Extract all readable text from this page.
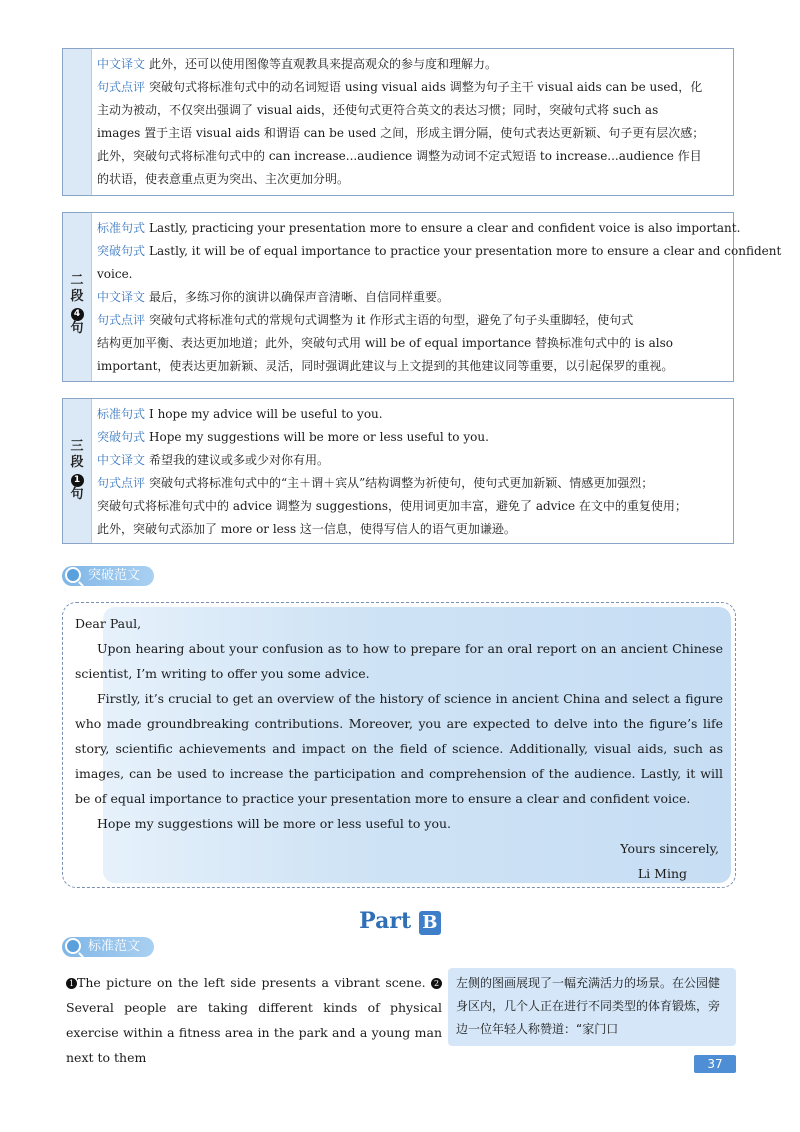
中文译文 此外，还可以使用图像等直观教具来提高观众的参与度和理解力。
句式点评 突破句式将标准句式中的动名词短语 using visual aids 调整为句子主干 visual aids can be used，化
主动为被动，不仅突出强调了 visual aids，还使句式更符合英文的表达习惯；同时，突破句式将 such as
images 置于主语 visual aids 和谓语 can be used 之间，形成主谓分隔，使句式表达更新颖、句子更有层次感；
此外，突破句式将标准句式中的 can increase...audience 调整为动词不定式短语 to increase...audience 作目
的状语，使表意重点更为突出、主次更加分明。
二
段
4
句
标准句式 Lastly, practicing your presentation more to ensure a clear and confident voice is also important.
突破句式 Lastly, it will be of equal importance to practice your presentation more to ensure a clear and confident
voice.
中文译文 最后，多练习你的演讲以确保声音清晰、自信同样重要。
句式点评 突破句式将标准句式的常规句式调整为 it 作形式主语的句型，避免了句子头重脚轻，使句式
结构更加平衡、表达更加地道；此外，突破句式用 will be of equal importance 替换标准句式中的 is also
important，使表达更加新颖、灵活，同时强调此建议与上文提到的其他建议同等重要，以引起保罗的重视。
三
段
1
句
标准句式 I hope my advice will be useful to you.
突破句式 Hope my suggestions will be more or less useful to you.
中文译文 希望我的建议或多或少对你有用。
句式点评 突破句式将标准句式中的“主＋谓＋宾从”结构调整为祈使句，使句式更加新颖、情感更加强烈；
突破句式将标准句式中的 advice 调整为 suggestions，使用词更加丰富，避免了 advice 在文中的重复使用；
此外，突破句式添加了 more or less 这一信息，使得写信人的语气更加谦逊。
突破范文
Dear Paul,
Upon hearing about your confusion as to how to prepare for an oral report on an ancient Chinese scientist, I’m writing to offer you some advice.
Firstly, it’s crucial to get an overview of the history of science in ancient China and select a figure who made groundbreaking contributions. Moreover, you are expected to delve into the figure’s life story, scientific achievements and impact on the field of science. Additionally, visual aids, such as images, can be used to increase the participation and comprehension of the audience. Lastly, it will be of equal importance to practice your presentation more to ensure a clear and confident voice.
Hope my suggestions will be more or less useful to you.
Yours sincerely,
Li Ming
Part B
标准范文
1 The picture on the left side presents a vibrant scene. 2Several people are taking different kinds of physical exercise within a fitness area in the park and a young man next to them
左侧的图画展现了一幅充满活力的场景。在公园健身区内，几个人正在进行不同类型的体育锻炼，旁边一位年轻人称赞道：“家门口
37
